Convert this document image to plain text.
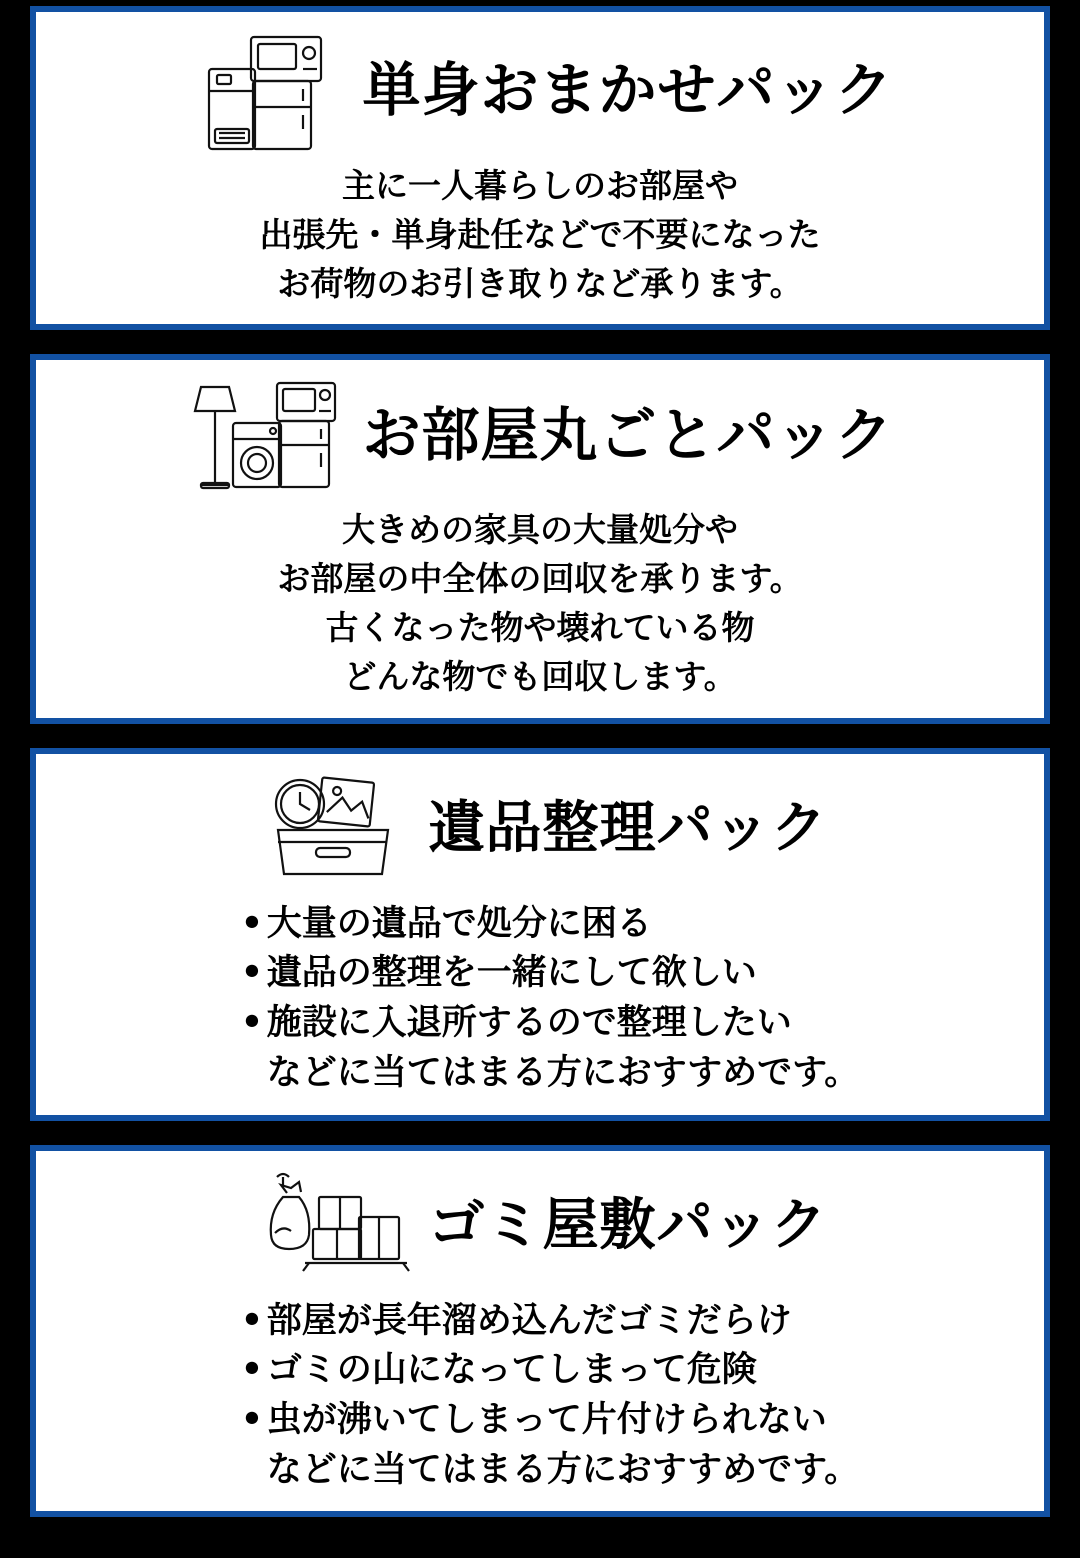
単身おまかせパック
主に一人暮らしのお部屋や
出張先・単身赴任などで不要になった
お荷物のお引き取りなど承ります。
お部屋丸ごとパック
大きめの家具の大量処分や
お部屋の中全体の回収を承ります。
古くなった物や壊れている物
どんな物でも回収します。
遺品整理パック
• 大量の遺品で処分に困る
• 遺品の整理を一緒にして欲しい
• 施設に入退所するので整理したい
などに当てはまる方におすすめです。
ゴミ屋敷パック
• 部屋が長年溜め込んだゴミだらけ
• ゴミの山になってしまって危険
• 虫が沸いてしまって片付けられない
などに当てはまる方におすすめです。
